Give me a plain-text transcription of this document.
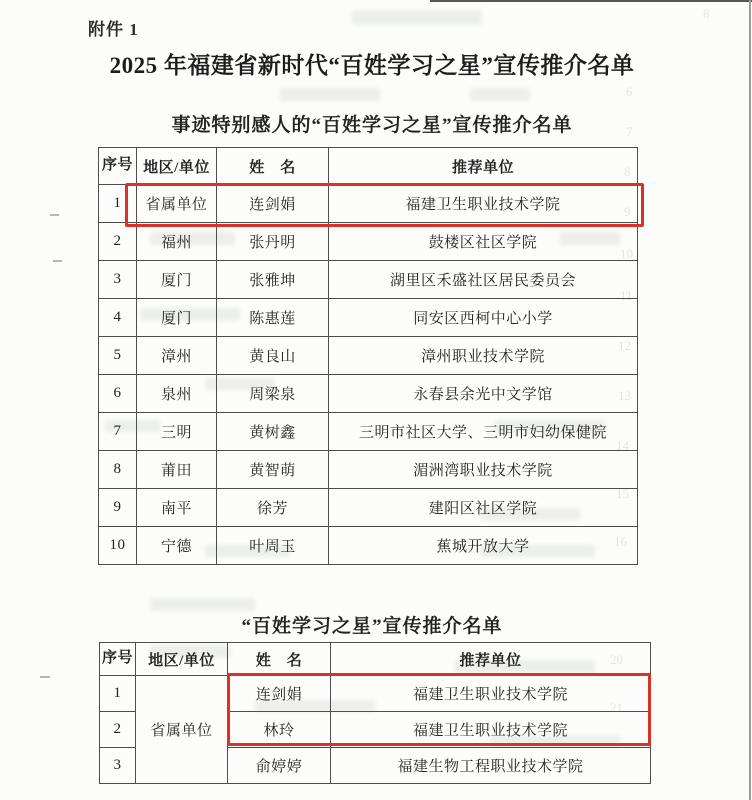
8
6
7
8
9
10
11
12
13
14
15
16
20
21
附件 1
2025 年福建省新时代“百姓学习之星”宣传推介名单
事迹特别感人的“百姓学习之星”宣传推介名单
序号	地区/单位	姓　名	推荐单位
1	省属单位	连剑娟	福建卫生职业技术学院
2	福州	张丹明	鼓楼区社区学院
3	厦门	张雅坤	湖里区禾盛社区居民委员会
4	厦门	陈惠莲	同安区西柯中心小学
5	漳州	黄良山	漳州职业技术学院
6	泉州	周梁泉	永春县余光中文学馆
7	三明	黄树鑫	三明市社区大学、三明市妇幼保健院
8	莆田	黄智萌	湄洲湾职业技术学院
9	南平	徐芳	建阳区社区学院
10	宁德	叶周玉	蕉城开放大学
“百姓学习之星”宣传推介名单
序号	地区/单位	姓　名	推荐单位
1	省属单位	连剑娟	福建卫生职业技术学院
2		林玲	福建卫生职业技术学院
3		俞婷婷	福建生物工程职业技术学院
